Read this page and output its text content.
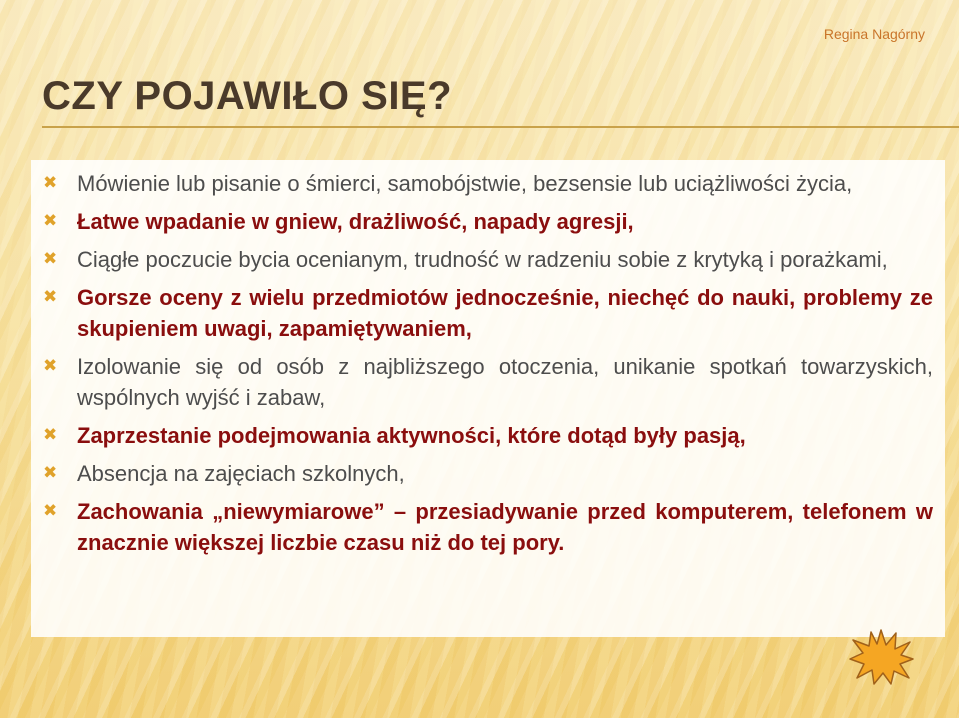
Regina Nagórny
CZY POJAWIŁO SIĘ?
✖ Mówienie lub pisanie o śmierci, samobójstwie, bezsensie lub uciążliwości życia,
✖ Łatwe wpadanie w gniew, drażliwość, napady agresji,
✖ Ciągłe poczucie bycia ocenianym, trudność w radzeniu sobie z krytyką i porażkami,
✖ Gorsze oceny z wielu przedmiotów jednocześnie, niechęć do nauki, problemy ze skupieniem uwagi, zapamiętywaniem,
✖ Izolowanie się od osób z najbliższego otoczenia, unikanie spotkań towarzyskich, wspólnych wyjść i zabaw,
✖ Zaprzestanie podejmowania aktywności, które dotąd były pasją,
✖ Absencja na zajęciach szkolnych,
✖ Zachowania „niewymiarowe” – przesiadywanie przed komputerem, telefonem w znacznie większej liczbie czasu niż do tej pory.
